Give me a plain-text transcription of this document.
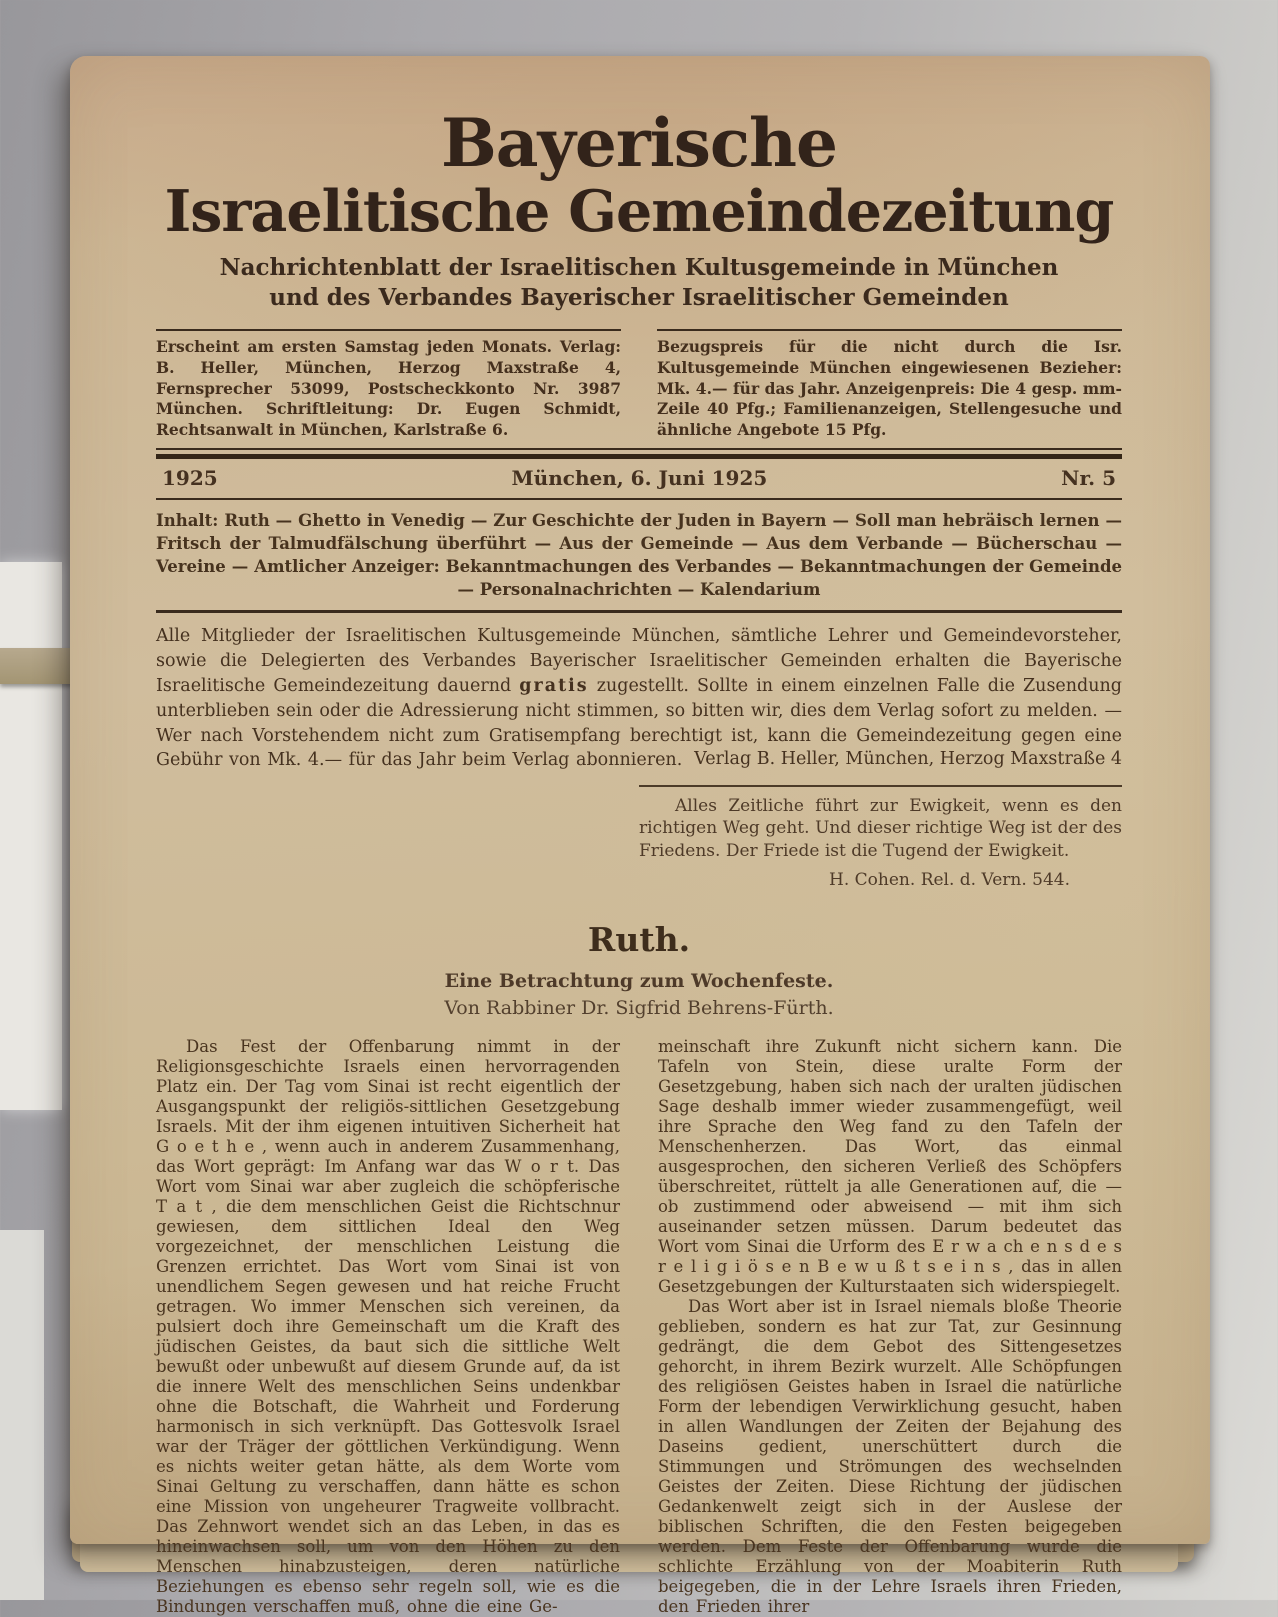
Bayerische
Israelitische Gemeindezeitung
Nachrichtenblatt der Israelitischen Kultusgemeinde in München
und des Verbandes Bayerischer Israelitischer Gemeinden

Erscheint am ersten Samstag jeden Monats. Verlag: B. Heller, München, Herzog Maxstraße 4, Fernsprecher 53099, Postscheckkonto Nr. 3987 München. Schriftleitung: Dr. Eugen Schmidt, Rechtsanwalt in München, Karlstraße 6.

Bezugspreis für die nicht durch die Isr. Kultusgemeinde München eingewiesenen Bezieher: Mk. 4.— für das Jahr. Anzeigenpreis: Die 4 gesp. mm-Zeile 40 Pfg.; Familienanzeigen, Stellengesuche und ähnliche Angebote 15 Pfg.

1925	München, 6. Juni 1925	Nr. 5

Inhalt: Ruth — Ghetto in Venedig — Zur Geschichte der Juden in Bayern — Soll man hebräisch lernen — Fritsch der Talmudfälschung überführt — Aus der Gemeinde — Aus dem Verbande — Bücherschau — Vereine — Amtlicher Anzeiger: Bekanntmachungen des Verbandes — Bekanntmachungen der Gemeinde — Personalnachrichten — Kalendarium

Alle Mitglieder der Israelitischen Kultusgemeinde München, sämtliche Lehrer und Gemeindevorsteher, sowie die Delegierten des Verbandes Bayerischer Israelitischer Gemeinden erhalten die Bayerische Israelitische Gemeindezeitung dauernd gratis zugestellt. Sollte in einem einzelnen Falle die Zusendung unterblieben sein oder die Adressierung nicht stimmen, so bitten wir, dies dem Verlag sofort zu melden. — Wer nach Vorstehendem nicht zum Gratisempfang berechtigt ist, kann die Gemeindezeitung gegen eine Gebühr von Mk. 4.— für das Jahr beim Verlag abonnieren. Verlag B. Heller, München, Herzog Maxstraße 4

Alles Zeitliche führt zur Ewigkeit, wenn es den richtigen Weg geht. Und dieser richtige Weg ist der des Friedens. Der Friede ist die Tugend der Ewigkeit.

H. Cohen. Rel. d. Vern. 544.
Ruth.
Eine Betrachtung zum Wochenfeste.
Von Rabbiner Dr. Sigfrid Behrens-Fürth.

Das Fest der Offenbarung nimmt in der Religionsgeschichte Israels einen hervorragenden Platz ein. Der Tag vom Sinai ist recht eigentlich der Ausgangspunkt der religiös-sittlichen Gesetzgebung Israels. Mit der ihm eigenen intuitiven Sicherheit hat G o e t h e , wenn auch in anderem Zusammenhang, das Wort geprägt: Im Anfang war das W o r t. Das Wort vom Sinai war aber zugleich die schöpferische T a t , die dem menschlichen Geist die Richtschnur gewiesen, dem sittlichen Ideal den Weg vorgezeichnet, der menschlichen Leistung die Grenzen errichtet. Das Wort vom Sinai ist von unendlichem Segen gewesen und hat reiche Frucht getragen. Wo immer Menschen sich vereinen, da pulsiert doch ihre Gemeinschaft um die Kraft des jüdischen Geistes, da baut sich die sittliche Welt bewußt oder unbewußt auf diesem Grunde auf, da ist die innere Welt des menschlichen Seins undenkbar ohne die Botschaft, die Wahrheit und Forderung harmonisch in sich verknüpft. Das Gottesvolk Israel war der Träger der göttlichen Verkündigung. Wenn es nichts weiter getan hätte, als dem Worte vom Sinai Geltung zu verschaffen, dann hätte es schon eine Mission von ungeheurer Tragweite vollbracht. Das Zehnwort wendet sich an das Leben, in das es hineinwachsen soll, um von den Höhen zu den Menschen hinabzusteigen, deren natürliche Beziehungen es ebenso sehr regeln soll, wie es die Bindungen verschaffen muß, ohne die eine Ge-

meinschaft ihre Zukunft nicht sichern kann. Die Tafeln von Stein, diese uralte Form der Gesetzgebung, haben sich nach der uralten jüdischen Sage deshalb immer wieder zusammengefügt, weil ihre Sprache den Weg fand zu den Tafeln der Menschenherzen. Das Wort, das einmal ausgesprochen, den sicheren Verließ des Schöpfers überschreitet, rüttelt ja alle Generationen auf, die — ob zustimmend oder abweisend — mit ihm sich auseinander setzen müssen. Darum bedeutet das Wort vom Sinai die Urform des E r w a ch e n s d e s r e l i g i ö s e n B e w u ß t s e i n s , das in allen Gesetzgebungen der Kulturstaaten sich widerspiegelt.

Das Wort aber ist in Israel niemals bloße Theorie geblieben, sondern es hat zur Tat, zur Gesinnung gedrängt, die dem Gebot des Sittengesetzes gehorcht, in ihrem Bezirk wurzelt. Alle Schöpfungen des religiösen Geistes haben in Israel die natürliche Form der lebendigen Verwirklichung gesucht, haben in allen Wandlungen der Zeiten der Bejahung des Daseins gedient, unerschüttert durch die Stimmungen und Strömungen des wechselnden Geistes der Zeiten. Diese Richtung der jüdischen Gedankenwelt zeigt sich in der Auslese der biblischen Schriften, die den Festen beigegeben werden. Dem Feste der Offenbarung wurde die schlichte Erzählung von der Moabiterin Ruth beigegeben, die in der Lehre Israels ihren Frieden, den Frieden ihrer
